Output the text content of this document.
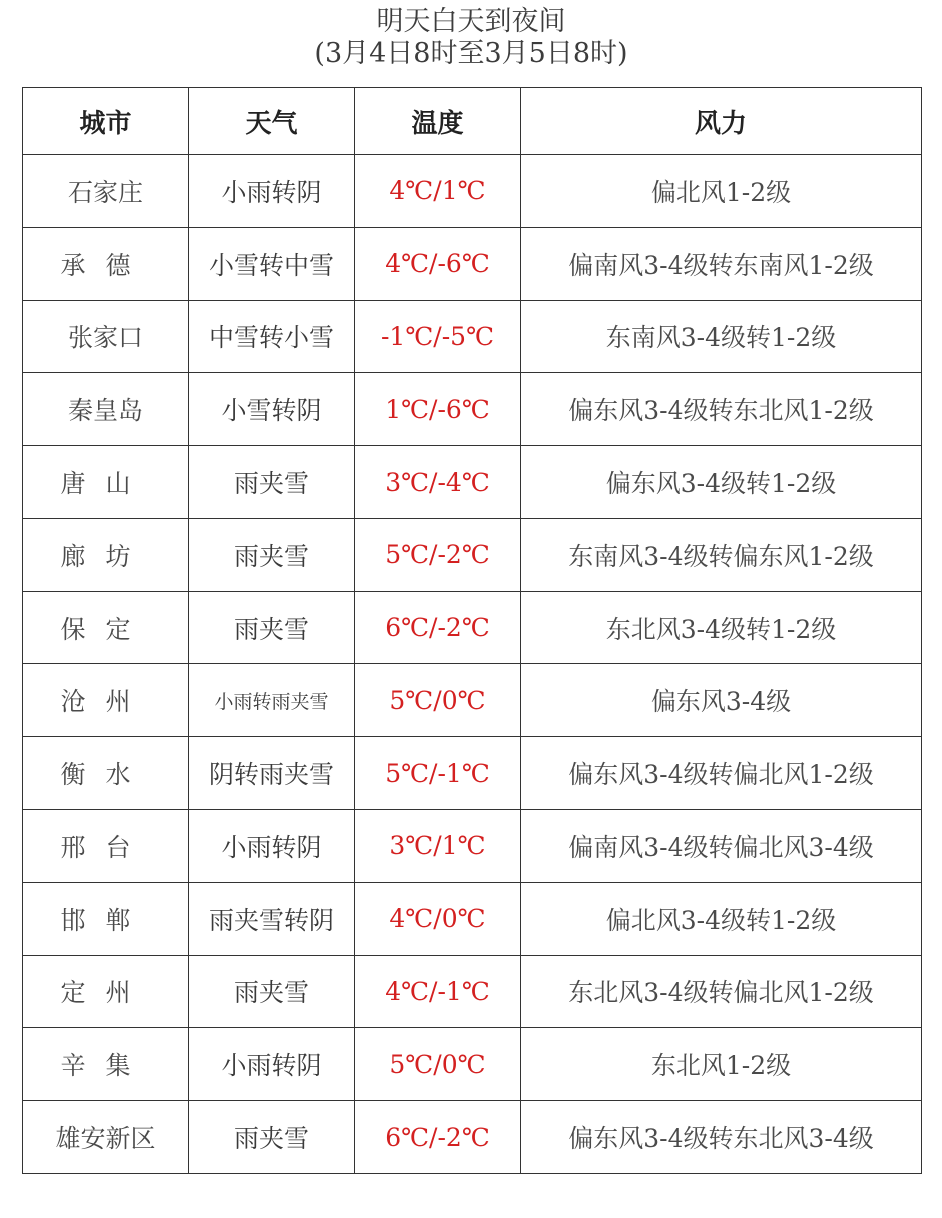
明天白天到夜间
(3月4日8时至3月5日8时)
城市	天气	温度	风力
石家庄	小雨转阴	4℃/1℃	偏北风1-2级
承德	小雪转中雪	4℃/-6℃	偏南风3-4级转东南风1-2级
张家口	中雪转小雪	-1℃/-5℃	东南风3-4级转1-2级
秦皇岛	小雪转阴	1℃/-6℃	偏东风3-4级转东北风1-2级
唐山	雨夹雪	3℃/-4℃	偏东风3-4级转1-2级
廊坊	雨夹雪	5℃/-2℃	东南风3-4级转偏东风1-2级
保定	雨夹雪	6℃/-2℃	东北风3-4级转1-2级
沧州	小雨转雨夹雪	5℃/0℃	偏东风3-4级
衡水	阴转雨夹雪	5℃/-1℃	偏东风3-4级转偏北风1-2级
邢台	小雨转阴	3℃/1℃	偏南风3-4级转偏北风3-4级
邯郸	雨夹雪转阴	4℃/0℃	偏北风3-4级转1-2级
定州	雨夹雪	4℃/-1℃	东北风3-4级转偏北风1-2级
辛集	小雨转阴	5℃/0℃	东北风1-2级
雄安新区	雨夹雪	6℃/-2℃	偏东风3-4级转东北风3-4级
